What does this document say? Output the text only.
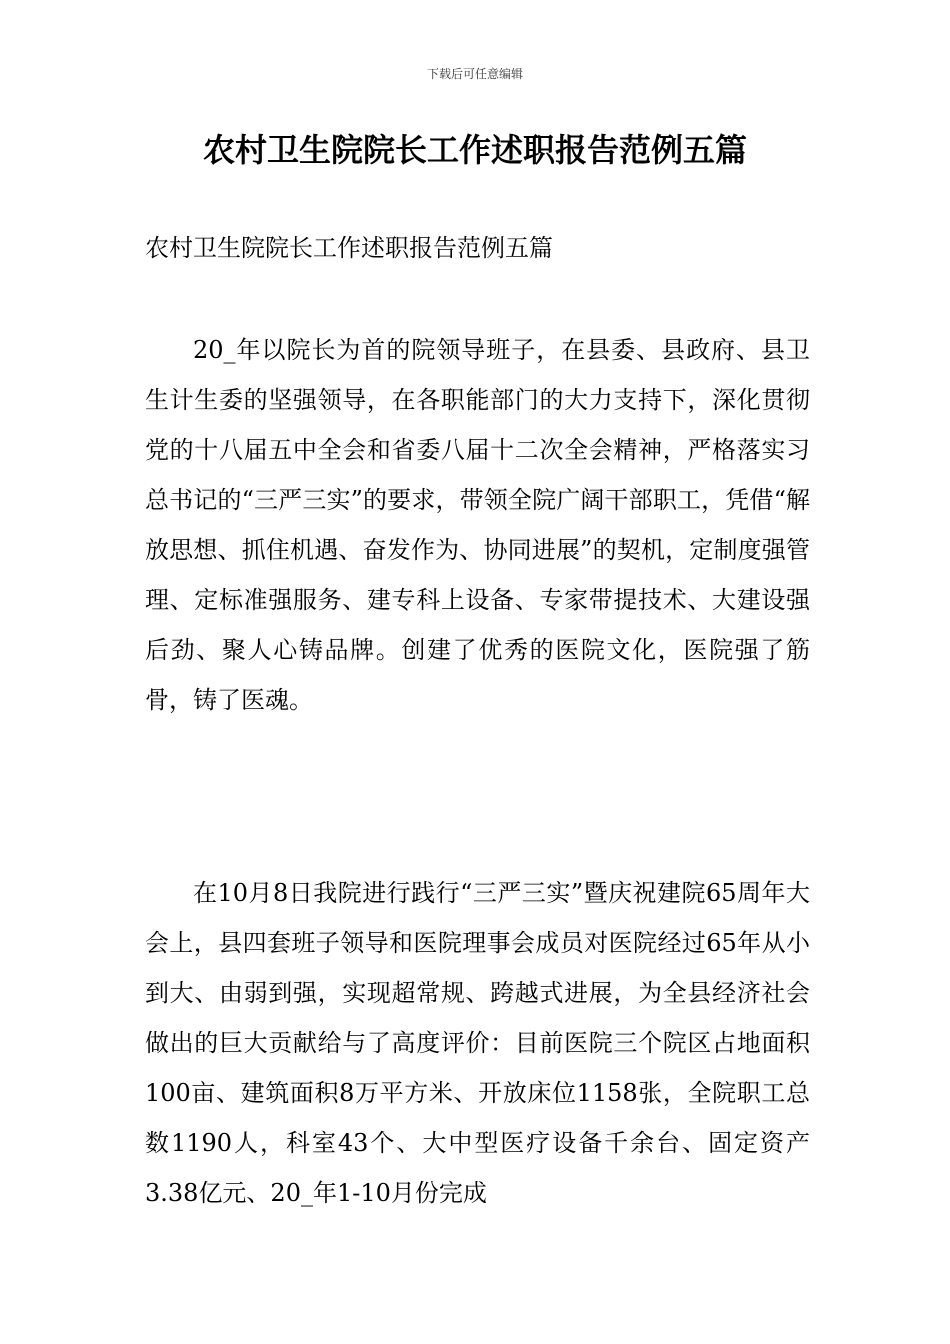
下载后可任意编辑
农村卫生院院长工作述职报告范例五篇

农村卫生院院长工作述职报告范例五篇

20_年以院长为首的院领导班子，在县委、县政府、县卫生计生委的坚强领导，在各职能部门的大力支持下，深化贯彻党的十八届五中全会和省委八届十二次全会精神，严格落实习总书记的“三严三实”的要求，带领全院广阔干部职工，凭借“解放思想、抓住机遇、奋发作为、协同进展”的契机，定制度强管理、定标准强服务、建专科上设备、专家带提技术、大建设强后劲、聚人心铸品牌。创建了优秀的医院文化，医院强了筋骨，铸了医魂。

在10月8日我院进行践行“三严三实”暨庆祝建院65周年大会上，县四套班子领导和医院理事会成员对医院经过65年从小到大、由弱到强，实现超常规、跨越式进展，为全县经济社会做出的巨大贡献给与了高度评价：目前医院三个院区占地面积100亩、建筑面积8万平方米、开放床位1158张，全院职工总数1190人，科室43个、大中型医疗设备千余台、固定资产3.38亿元、20_年1-10月份完成
